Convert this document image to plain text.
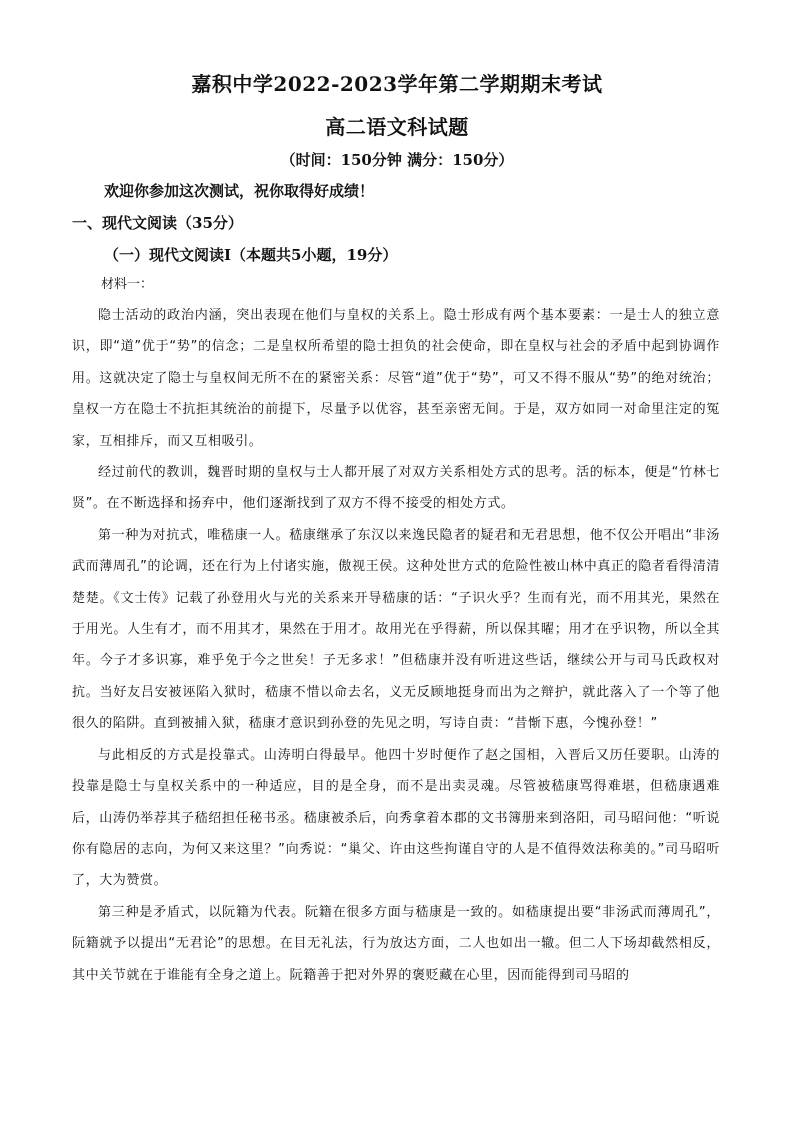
嘉积中学2022-2023学年第二学期期末考试
高二语文科试题
（时间：150分钟 满分：150分）
欢迎你参加这次测试，祝你取得好成绩！
一、现代文阅读（35分）
（一）现代文阅读Ⅰ（本题共5小题，19分）
材料一：

隐士活动的政治内涵，突出表现在他们与皇权的关系上。隐士形成有两个基本要素：一是士人的独立意识，即“道”优于“势”的信念；二是皇权所希望的隐士担负的社会使命，即在皇权与社会的矛盾中起到协调作用。这就决定了隐士与皇权间无所不在的紧密关系：尽管“道”优于“势”，可又不得不服从“势”的绝对统治；皇权一方在隐士不抗拒其统治的前提下，尽量予以优容，甚至亲密无间。于是，双方如同一对命里注定的冤家，互相排斥，而又互相吸引。

经过前代的教训，魏晋时期的皇权与士人都开展了对双方关系相处方式的思考。活的标本，便是“竹林七贤”。在不断选择和扬弃中，他们逐渐找到了双方不得不接受的相处方式。

第一种为对抗式，唯嵇康一人。嵇康继承了东汉以来逸民隐者的疑君和无君思想，他不仅公开唱出“非汤武而薄周孔”的论调，还在行为上付诸实施，傲视王侯。这种处世方式的危险性被山林中真正的隐者看得清清楚楚。《文士传》记载了孙登用火与光的关系来开导嵇康的话：“子识火乎？生而有光，而不用其光，果然在于用光。人生有才，而不用其才，果然在于用才。故用光在乎得薪，所以保其曜；用才在乎识物，所以全其年。今子才多识寡，难乎免于今之世矣！子无多求！”但嵇康并没有听进这些话，继续公开与司马氏政权对抗。当好友吕安被诬陷入狱时，嵇康不惜以命去名，义无反顾地挺身而出为之辩护，就此落入了一个等了他很久的陷阱。直到被捕入狱，嵇康才意识到孙登的先见之明，写诗自责：“昔惭下惠，今愧孙登！”

与此相反的方式是投靠式。山涛明白得最早。他四十岁时便作了赵之国相，入晋后又历任要职。山涛的投靠是隐士与皇权关系中的一种适应，目的是全身，而不是出卖灵魂。尽管被嵇康骂得难堪，但嵇康遇难后，山涛仍举荐其子嵇绍担任秘书丞。嵇康被杀后，向秀拿着本郡的文书簿册来到洛阳，司马昭问他：“听说你有隐居的志向，为何又来这里？”向秀说：“巢父、许由这些拘谨自守的人是不值得效法称美的。”司马昭听了，大为赞赏。

第三种是矛盾式，以阮籍为代表。阮籍在很多方面与嵇康是一致的。如嵇康提出要“非汤武而薄周孔”，阮籍就予以提出“无君论”的思想。在目无礼法，行为放达方面，二人也如出一辙。但二人下场却截然相反，其中关节就在于谁能有全身之道上。阮籍善于把对外界的褒贬藏在心里，因而能得到司马昭的
